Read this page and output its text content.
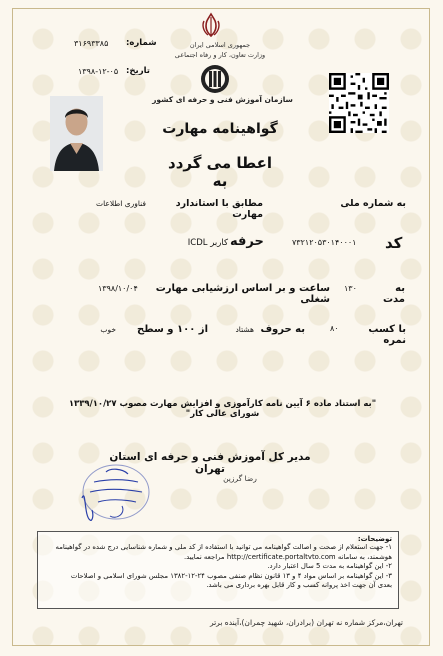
جمهوری اسلامی ایران
وزارت تعاون، کار و رفاه اجتماعی
سازمان آموزش فنی و حرفه ای کشور
گواهینامه مهارت
شماره:
۳۱۶۹۳۳۸۵
تاریخ:
۱۳۹۸-۱۲-۰۵
اعطا می گردد به
به شماره ملی
مطابق با استاندارد مهارت
فناوری اطلاعات
کد
۷۳۲۱۲۰۵۳۰۱۴۰۰۰۱
حرفه
کاربر ICDL
به مدت
۱۳۰
ساعت و بر اساس ارزشیابی مهارت شغلی
۱۳۹۸/۱۰/۰۴
با کسب نمره
۸۰
به حروف
هشتاد
از ۱۰۰ و سطح
خوب
"به استناد ماده ۶ آیین نامه کارآموزی و افزایش مهارت مصوب ۱۳۳۹/۱۰/۲۷ شورای عالی کار"
مدیر کل آموزش فنی و حرفه ای استان تهران
رضا گرزین
توضیحات:
۱- جهت استعلام از صحت و اصالت گواهینامه می توانید با استفاده از کد ملی و شماره شناسایی درج شده در گواهینامه
هوشمند، به سامانه http://certificate.portaltvto.com مراجعه نمایید.
۲- این گواهینامه به مدت 5 سال اعتبار دارد.
۳- این گواهینامه بر اساس مواد ۴ و ۱۳ قانون نظام صنفی مصوب ۲۴-۱۲-۱۳۸۲ مجلس شورای اسلامی و اصلاحات
بعدی آن جهت اخذ پروانه کسب و کار قابل بهره برداری می باشد.
تهران،مرکز شماره نه تهران (برادران، شهید چمران)،آینده برتر
